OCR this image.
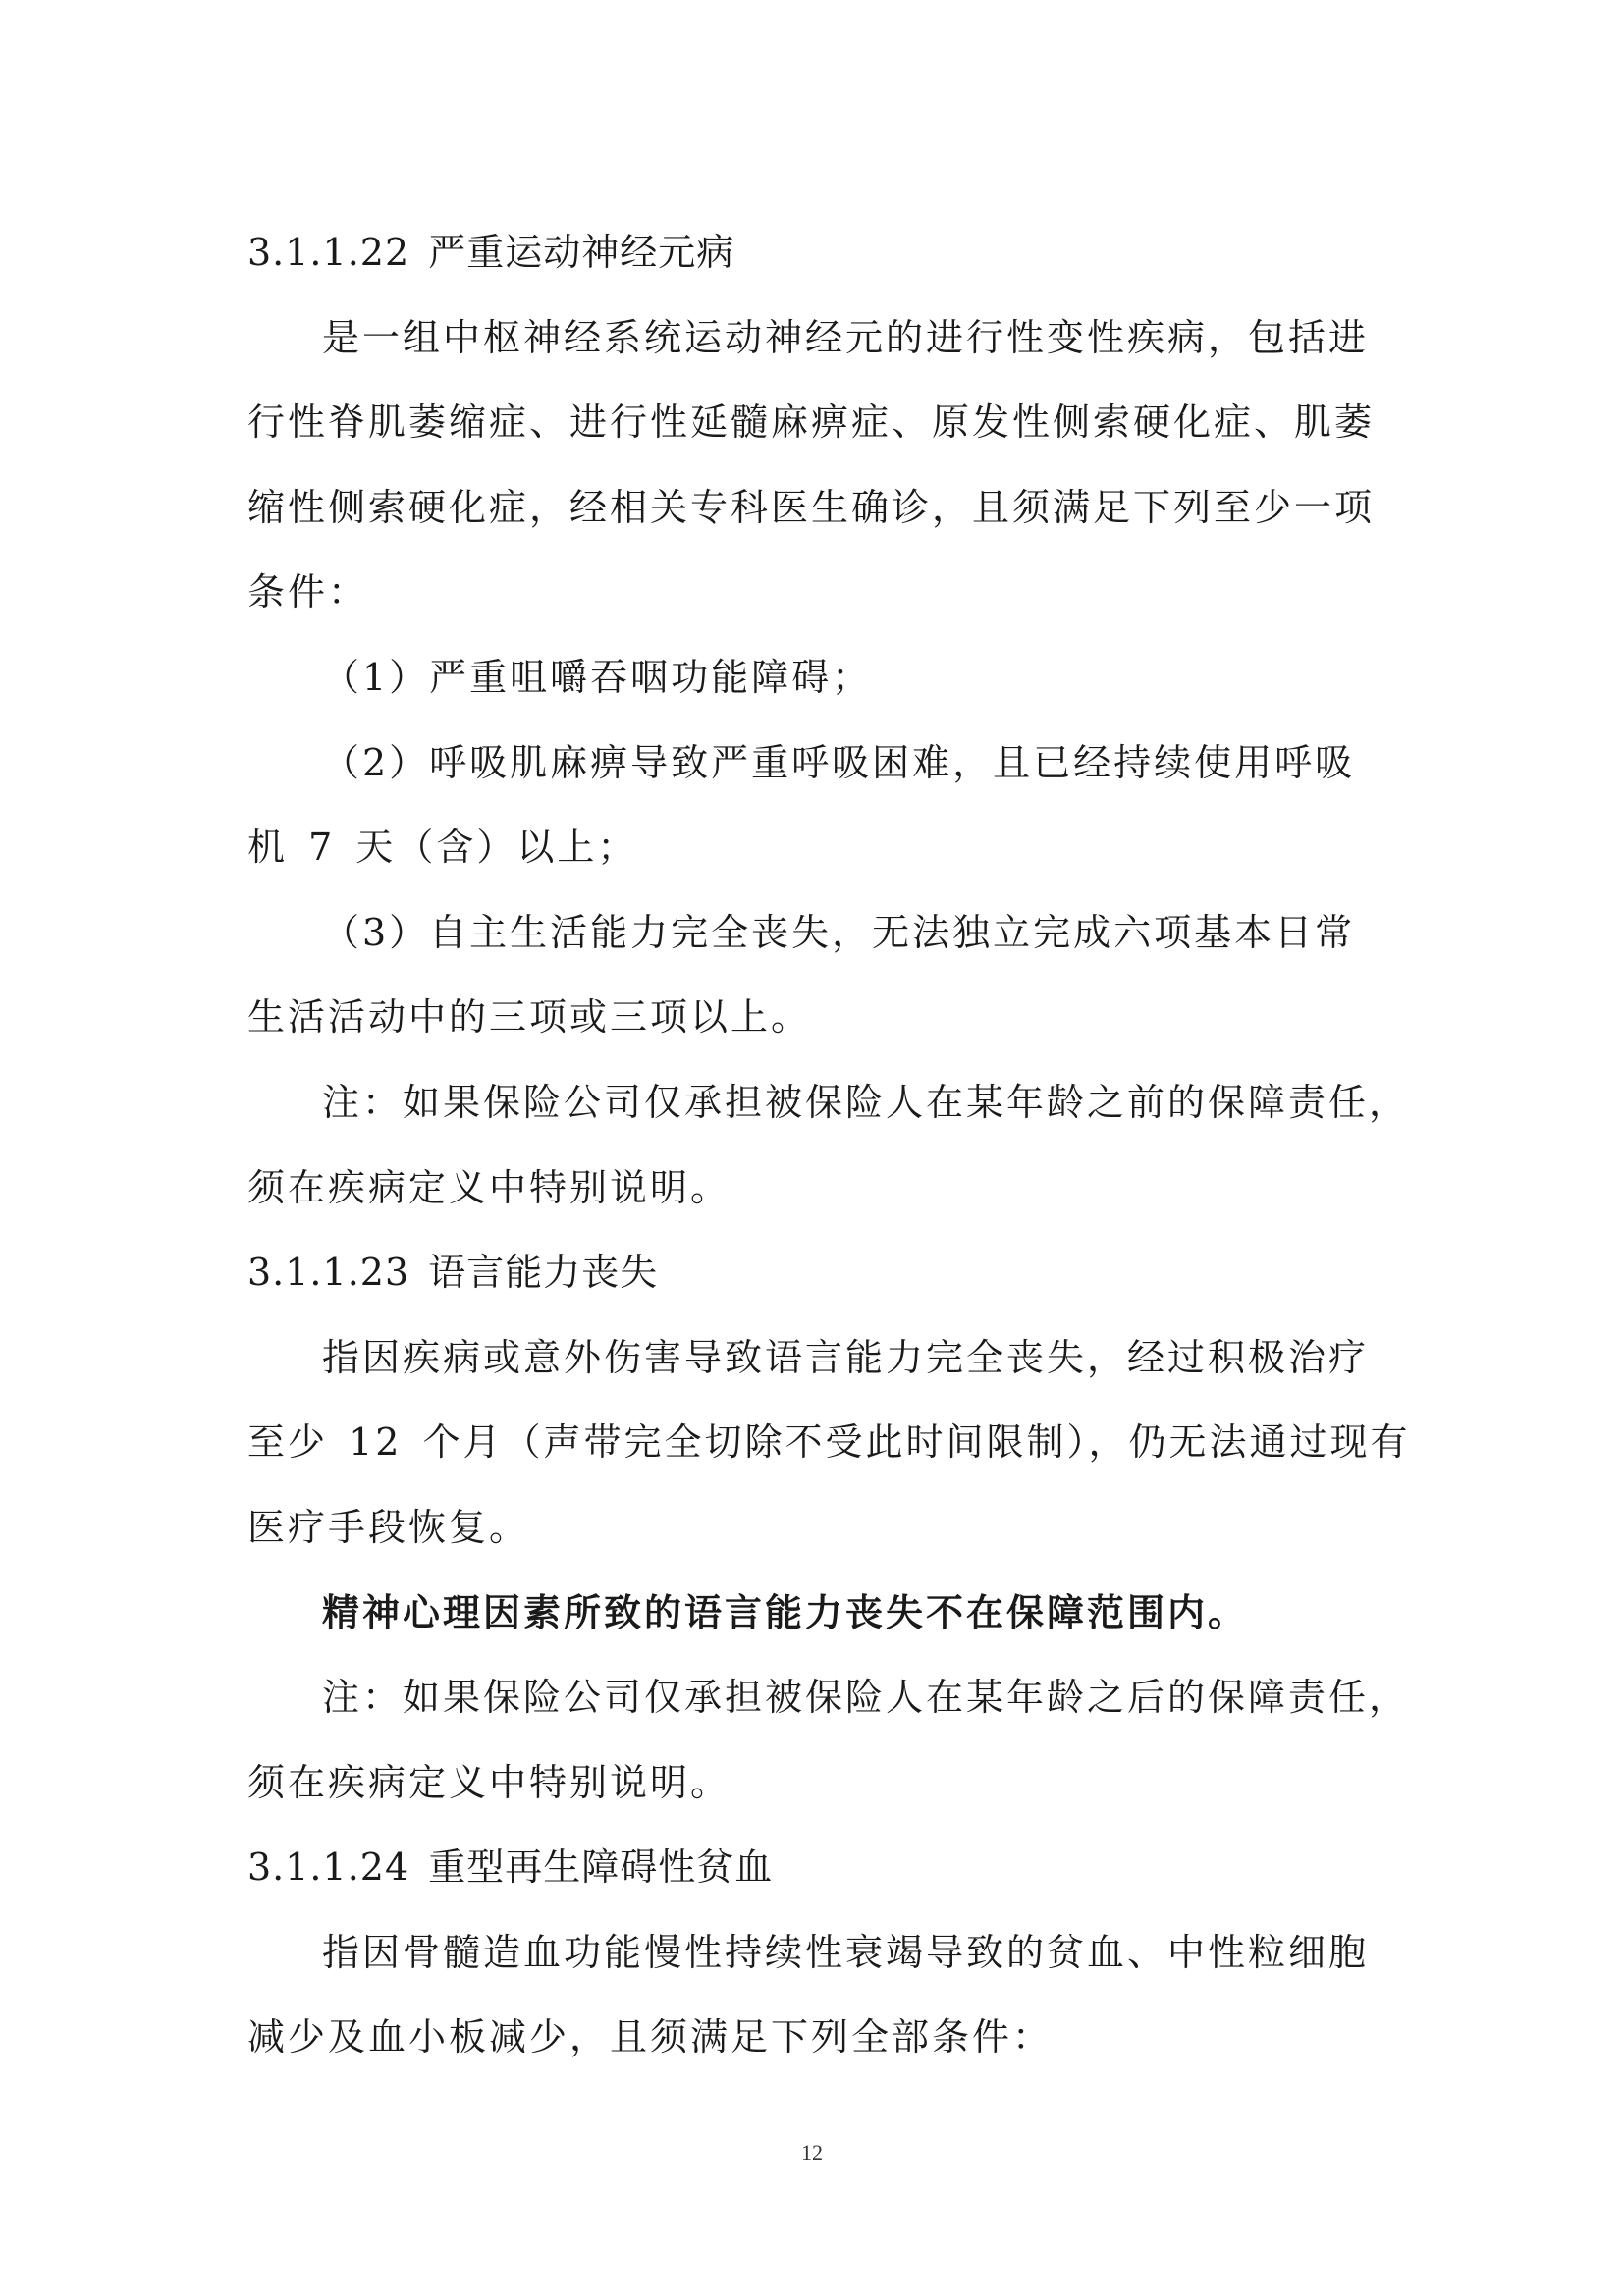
3.1.1.22 严重运动神经元病
是一组中枢神经系统运动神经元的进行性变性疾病，包括进
行性脊肌萎缩症、进行性延髓麻痹症、原发性侧索硬化症、肌萎
缩性侧索硬化症，经相关专科医生确诊，且须满足下列至少一项
条件：
（1）严重咀嚼吞咽功能障碍；
（2）呼吸肌麻痹导致严重呼吸困难，且已经持续使用呼吸
机 7 天（含）以上；
（3）自主生活能力完全丧失，无法独立完成六项基本日常
生活活动中的三项或三项以上。
注：如果保险公司仅承担被保险人在某年龄之前的保障责任，
须在疾病定义中特别说明。
3.1.1.23 语言能力丧失
指因疾病或意外伤害导致语言能力完全丧失，经过积极治疗
至少 12 个月（声带完全切除不受此时间限制），仍无法通过现有
医疗手段恢复。
精神心理因素所致的语言能力丧失不在保障范围内。
注：如果保险公司仅承担被保险人在某年龄之后的保障责任，
须在疾病定义中特别说明。
3.1.1.24 重型再生障碍性贫血
指因骨髓造血功能慢性持续性衰竭导致的贫血、中性粒细胞
减少及血小板减少，且须满足下列全部条件：
12
